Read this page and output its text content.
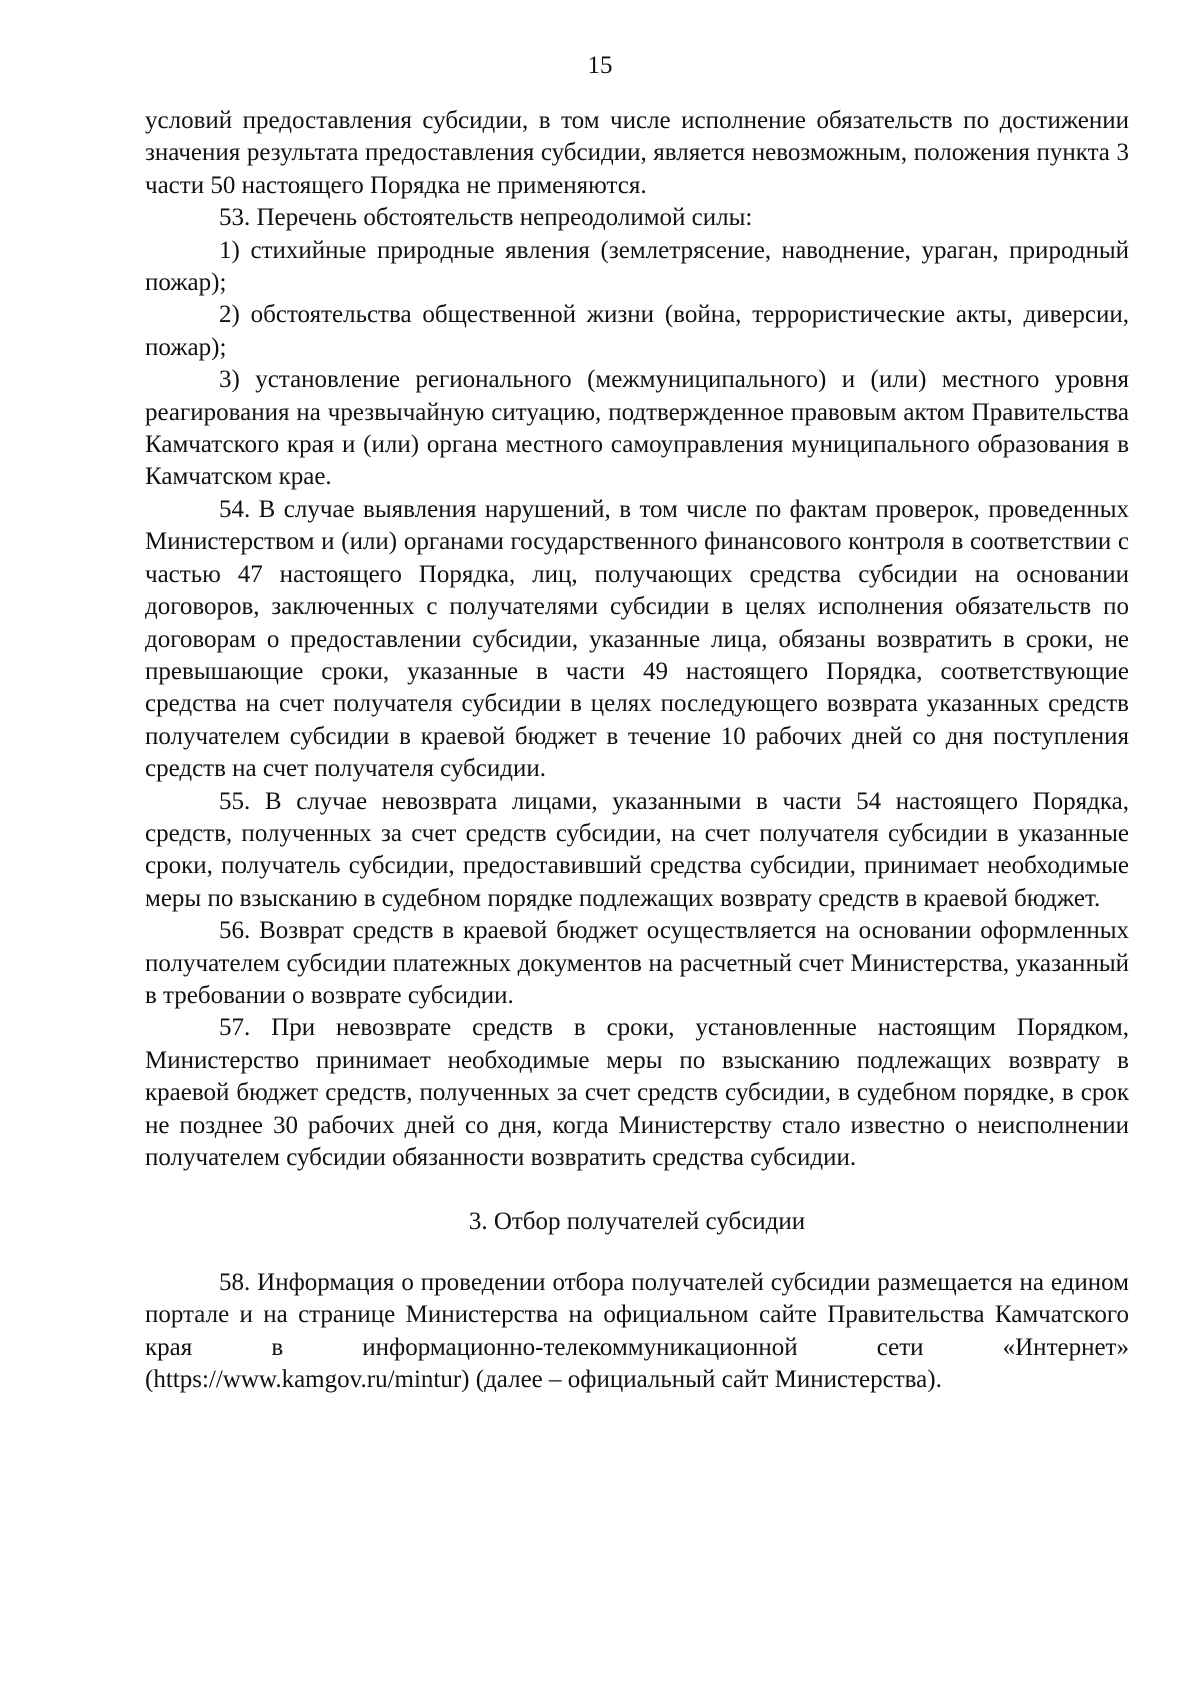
15

условий предоставления субсидии, в том числе исполнение обязательств по достижении значения результата предоставления субсидии, является невозможным, положения пункта 3 части 50 настоящего Порядка не применяются.

53. Перечень обстоятельств непреодолимой силы:

1) стихийные природные явления (землетрясение, наводнение, ураган, природный пожар);

2) обстоятельства общественной жизни (война, террористические акты, диверсии, пожар);

3) установление регионального (межмуниципального) и (или) местного уровня реагирования на чрезвычайную ситуацию, подтвержденное правовым актом Правительства Камчатского края и (или) органа местного самоуправления муниципального образования в Камчатском крае.

54. В случае выявления нарушений, в том числе по фактам проверок, проведенных Министерством и (или) органами государственного финансового контроля в соответствии с частью 47 настоящего Порядка, лиц, получающих средства субсидии на основании договоров, заключенных с получателями субсидии в целях исполнения обязательств по договорам о предоставлении субсидии, указанные лица, обязаны возвратить в сроки, не превышающие сроки, указанные в части 49 настоящего Порядка, соответствующие средства на счет получателя субсидии в целях последующего возврата указанных средств получателем субсидии в краевой бюджет в течение 10 рабочих дней со дня поступления средств на счет получателя субсидии.

55. В случае невозврата лицами, указанными в части 54 настоящего Порядка, средств, полученных за счет средств субсидии, на счет получателя субсидии в указанные сроки, получатель субсидии, предоставивший средства субсидии, принимает необходимые меры по взысканию в судебном порядке подлежащих возврату средств в краевой бюджет.

56. Возврат средств в краевой бюджет осуществляется на основании оформленных получателем субсидии платежных документов на расчетный счет Министерства, указанный в требовании о возврате субсидии.

57. При невозврате средств в сроки, установленные настоящим Порядком, Министерство принимает необходимые меры по взысканию подлежащих возврату в краевой бюджет средств, полученных за счет средств субсидии, в судебном порядке, в срок не позднее 30 рабочих дней со дня, когда Министерству стало известно о неисполнении получателем субсидии обязанности возвратить средства субсидии.

3. Отбор получателей субсидии

58. Информация о проведении отбора получателей субсидии размещается на едином портале и на странице Министерства на официальном сайте Правительства Камчатского края в информационно-телекоммуникационной сети «Интернет» (https://www.kamgov.ru/mintur) (далее – официальный сайт Министерства).
